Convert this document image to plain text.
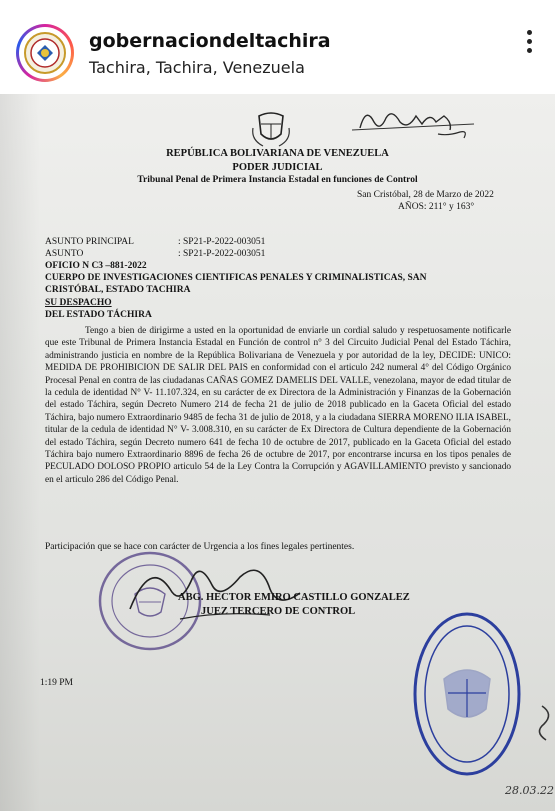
gobernaciondeltachira
Tachira, Tachira, Venezuela
REPÚBLICA BOLIVARIANA DE VENEZUELA
PODER JUDICIAL
Tribunal Penal de Primera Instancia Estadal en funciones de Control
San Cristóbal, 28 de Marzo de 2022
AÑOS: 211° y 163°
ASUNTO PRINCIPAL	: SP21-P-2022-003051
ASUNTO	: SP21-P-2022-003051
OFICIO N C3 –881-2022
CUERPO DE INVESTIGACIONES CIENTIFICAS PENALES Y CRIMINALISTICAS, SAN
CRISTÓBAL, ESTADO TACHIRA
SU DESPACHO
DEL ESTADO TÁCHIRA
Tengo a bien de dirigirme a usted en la oportunidad de enviarle un cordial saludo y respetuosamente notificarle que este Tribunal de Primera Instancia Estadal en Función de control n° 3 del Circuito Judicial Penal del Estado Táchira, administrando justicia en nombre de la República Bolivariana de Venezuela y por autoridad de la ley, DECIDE: UNICO: MEDIDA DE PROHIBICION DE SALIR DEL PAIS en conformidad con el articulo 242 numeral 4° del Código Orgánico Procesal Penal en contra de las ciudadanas CAÑAS GOMEZ DAMELIS DEL VALLE, venezolana, mayor de edad titular de la cedula de identidad N° V- 11.107.324, en su carácter de ex Directora de la Administración y Finanzas de la Gobernación del estado Táchira, según Decreto Numero 214 de fecha 21 de julio de 2018 publicado en la Gaceta Oficial del estado Táchira, bajo numero Extraordinario 9485 de fecha 31 de julio de 2018, y a la ciudadana SIERRA MORENO ILIA ISABEL, titular de la cedula de identidad N° V- 3.008.310, en su carácter de Ex Directora de Cultura dependiente de la Gobernación del estado Táchira, según Decreto numero 641 de fecha 10 de octubre de 2017, publicado en la Gaceta Oficial del estado Táchira bajo numero Extraordinario 8896 de fecha 26 de octubre de 2017, por encontrarse incursa en los tipos penales de PECULADO DOLOSO PROPIO articulo 54 de la Ley Contra la Corrupción y AGAVILLAMIENTO previsto y sancionado en el articulo 286 del Código Penal.
Participación que se hace con carácter de Urgencia a los fines legales pertinentes.
ABG. HECTOR EMIRO CASTILLO GONZALEZ
JUEZ TERCERO DE CONTROL
1:19 PM
28.03.22
